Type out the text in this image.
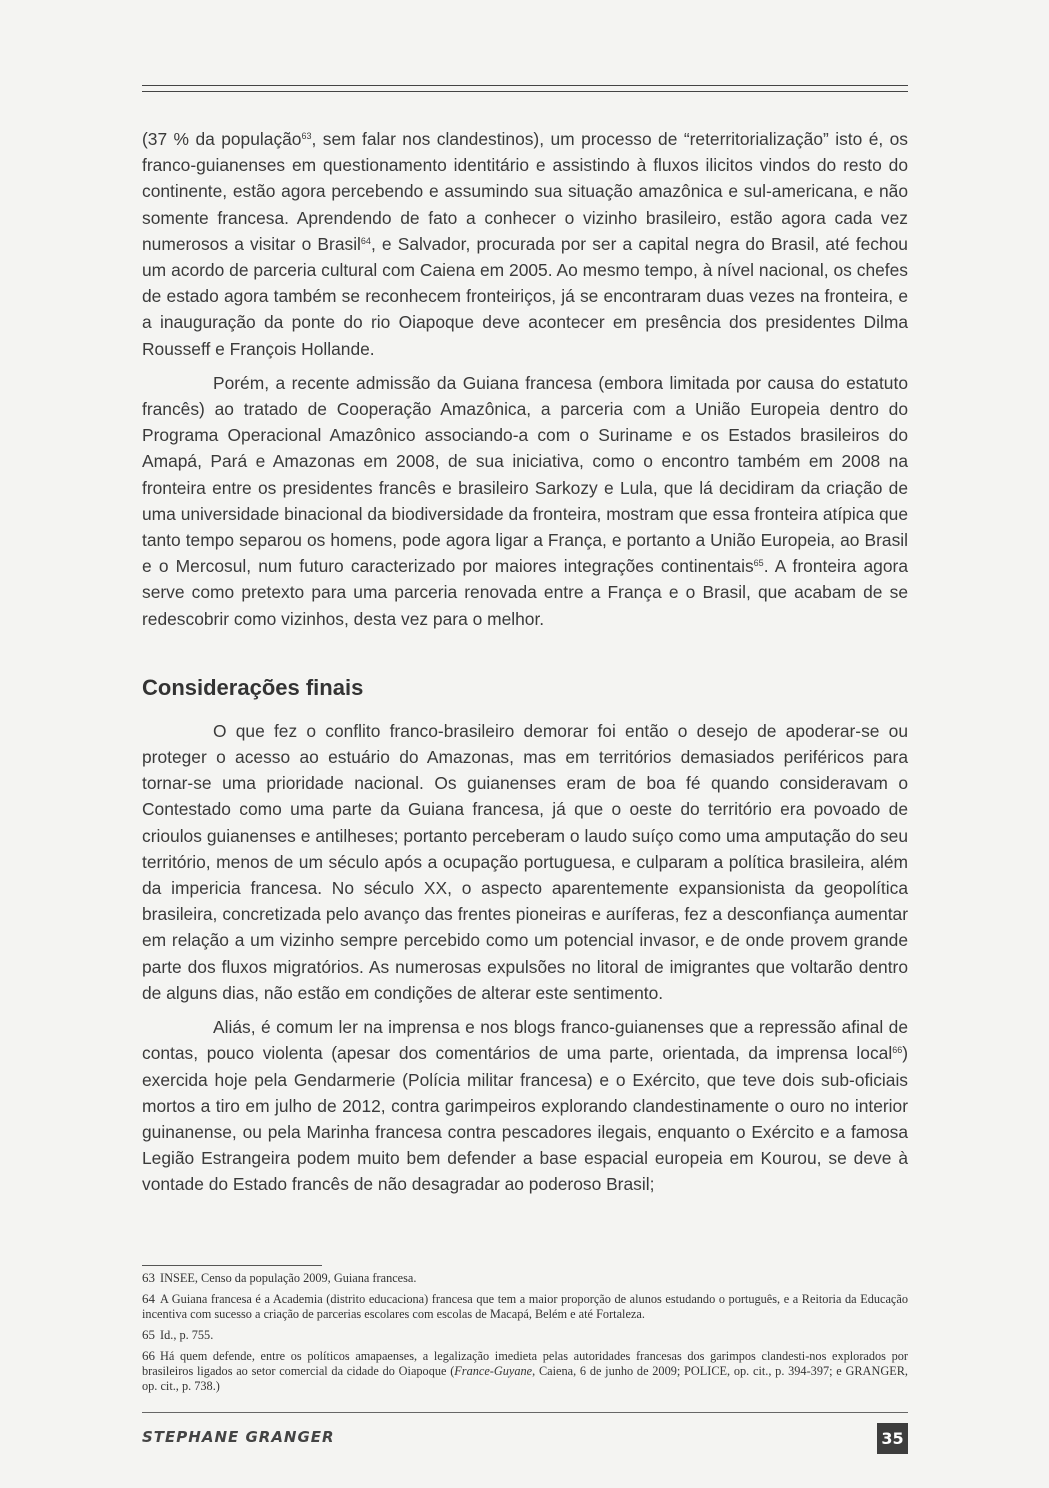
(37 % da população$^{63}$, sem falar nos clandestinos), um processo de “reterritorialização” isto é, os franco-guianenses em questionamento identitário e assistindo à fluxos ilicitos vindos do resto do continente, estão agora percebendo e assumindo sua situação amazônica e sul-americana, e não somente francesa. Aprendendo de fato a conhecer o vizinho brasileiro, estão agora cada vez numerosos a visitar o Brasil$^{64}$, e Salvador, procurada por ser a capital negra do Brasil, até fechou um acordo de parceria cultural com Caiena em 2005. Ao mesmo tempo, à nível nacional, os chefes de estado agora também se reconhecem fronteiriços, já se encontraram duas vezes na fronteira, e a inauguração da ponte do rio Oiapoque deve acontecer em presência dos presidentes Dilma Rousseff e François Hollande.

Porém, a recente admissão da Guiana francesa (embora limitada por causa do estatuto francês) ao tratado de Cooperação Amazônica, a parceria com a União Europeia dentro do Programa Operacional Amazônico associando-a com o Suriname e os Estados brasileiros do Amapá, Pará e Amazonas em 2008, de sua iniciativa, como o encontro também em 2008 na fronteira entre os presidentes francês e brasileiro Sarkozy e Lula, que lá decidiram da criação de uma universidade binacional da biodiversidade da fronteira, mostram que essa fronteira atípica que tanto tempo separou os homens, pode agora ligar a França, e portanto a União Europeia, ao Brasil e o Mercosul, num futuro caracterizado por maiores integrações continentais$^{65}$. A fronteira agora serve como pretexto para uma parceria renovada entre a França e o Brasil, que acabam de se redescobrir como vizinhos, desta vez para o melhor.

Considerações finais

O que fez o conflito franco-brasileiro demorar foi então o desejo de apoderar-se ou proteger o acesso ao estuário do Amazonas, mas em territórios demasiados periféricos para tornar-se uma prioridade nacional. Os guianenses eram de boa fé quando consideravam o Contestado como uma parte da Guiana francesa, já que o oeste do território era povoado de crioulos guianenses e antilheses; portanto perceberam o laudo suíço como uma amputação do seu território, menos de um século após a ocupação portuguesa, e culparam a política brasileira, além da impericia francesa. No século XX, o aspecto aparentemente expansionista da geopolítica brasileira, concretizada pelo avanço das frentes pioneiras e auríferas, fez a desconfiança aumentar em relação a um vizinho sempre percebido como um potencial invasor, e de onde provem grande parte dos fluxos migratórios. As numerosas expulsões no litoral de imigrantes que voltarão dentro de alguns dias, não estão em condições de alterar este sentimento.

Aliás, é comum ler na imprensa e nos blogs franco-guianenses que a repressão afinal de contas, pouco violenta (apesar dos comentários de uma parte, orientada, da imprensa local$^{66}$) exercida hoje pela Gendarmerie (Polícia militar francesa) e o Exército, que teve dois sub-oficiais mortos a tiro em julho de 2012, contra garimpeiros explorando clandestinamente o ouro no interior guinanense, ou pela Marinha francesa contra pescadores ilegais, enquanto o Exército e a famosa Legião Estrangeira podem muito bem defender a base espacial europeia em Kourou, se deve à vontade do Estado francês de não desagradar ao poderoso Brasil;

63 INSEE, Censo da população 2009, Guiana francesa.
64 A Guiana francesa é a Academia (distrito educaciona) francesa que tem a maior proporção de alunos estudando o português, e a Reitoria da Educação incentiva com sucesso a criação de parcerias escolares com escolas de Macapá, Belém e até Fortaleza.
65 Id., p. 755.
66 Há quem defende, entre os políticos amapaenses, a legalização imedieta pelas autoridades francesas dos garimpos clandesti-nos explorados por brasileiros ligados ao setor comercial da cidade do Oiapoque (France-Guyane, Caiena, 6 de junho de 2009; POLICE, op. cit., p. 394-397; e GRANGER, op. cit., p. 738.)
STEPHANE GRANGER	35
